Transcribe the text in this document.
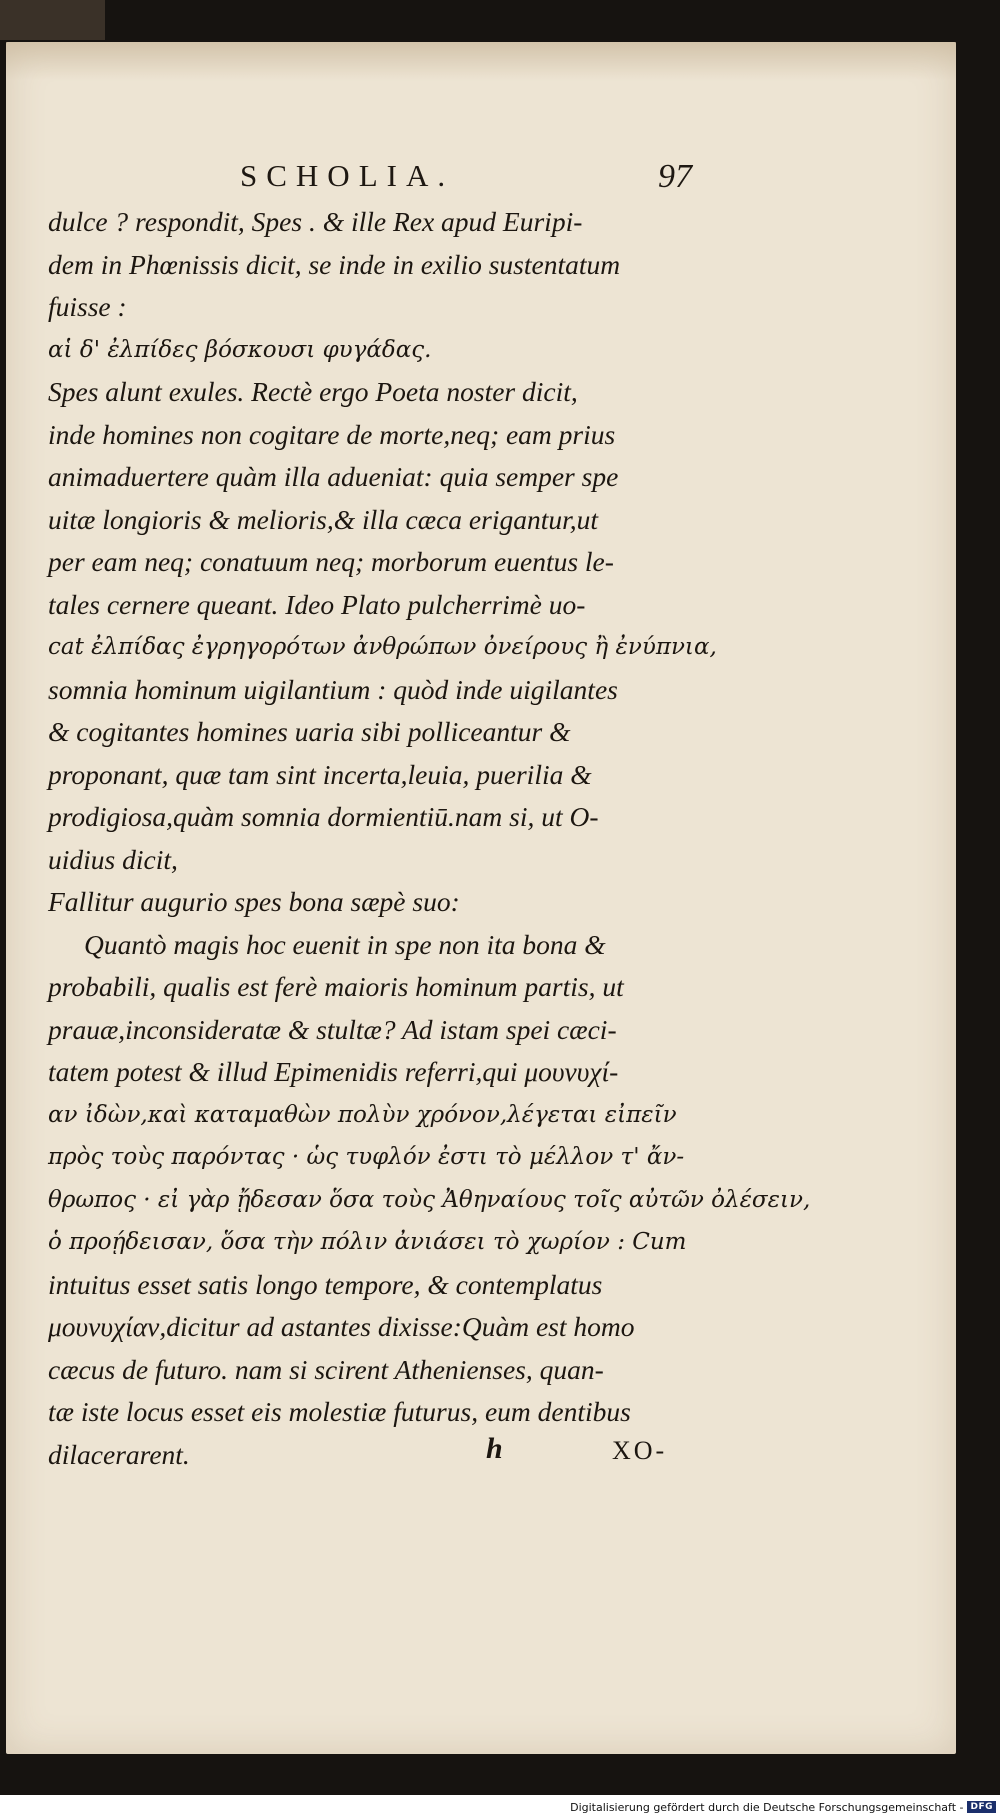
SCHOLIA.	97
dulce ? respondit, Spes . & ille Rex apud Euripi-
dem in Phœnissis dicit, se inde in exilio sustentatum
fuisse :
αἱ δ' ἐλπίδες βόσκουσι φυγάδας.
Spes alunt exules. Rectè ergo Poeta noster dicit,
inde homines non cogitare de morte,neq; eam prius
animaduertere quàm illa adueniat: quia semper spe
uitæ longioris & melioris,& illa cæca erigantur,ut
per eam neq; conatuum neq; morborum euentus le-
tales cernere queant. Ideo Plato pulcherrimè uo-
cat ἐλπίδας ἐγρηγορότων ἀνθρώπων ὀνείρους ἢ ἐνύπνια,
somnia hominum uigilantium : quòd inde uigilantes
& cogitantes homines uaria sibi polliceantur &
proponant, quæ tam sint incerta,leuia, puerilia &
prodigiosa,quàm somnia dormientiū.nam si, ut O-
uidius dicit,
Fallitur augurio spes bona sæpè suo:
Quantò magis hoc euenit in spe non ita bona &
probabili, qualis est ferè maioris hominum partis, ut
prauæ,inconsideratæ & stultæ? Ad istam spei cæci-
tatem potest & illud Epimenidis referri,qui μουνυχί-
αν ἰδὼν,καὶ καταμαθὼν πολὺν χρόνον,λέγεται εἰπεῖν
πρὸς τοὺς παρόντας · ὡς τυφλόν ἐστι τὸ μέλλον τ' ἄν-
θρωπος · εἰ γὰρ ᾔδεσαν ὅσα τοὺς Ἀθηναίους τοῖς αὐτῶν ὀλέσειν,
ὁ προῄδεισαν, ὅσα τὴν πόλιν ἀνιάσει τὸ χωρίον : Cum
intuitus esset satis longo tempore, & contemplatus
μουνυχίαν,dicitur ad astantes dixisse:Quàm est homo
cæcus de futuro. nam si scirent Athenienses, quan-
tæ iste locus esset eis molestiæ futurus, eum dentibus
dilacerarent.	h	XO-
Digitalisierung gefördert durch die Deutsche Forschungsgemeinschaft - DFG
